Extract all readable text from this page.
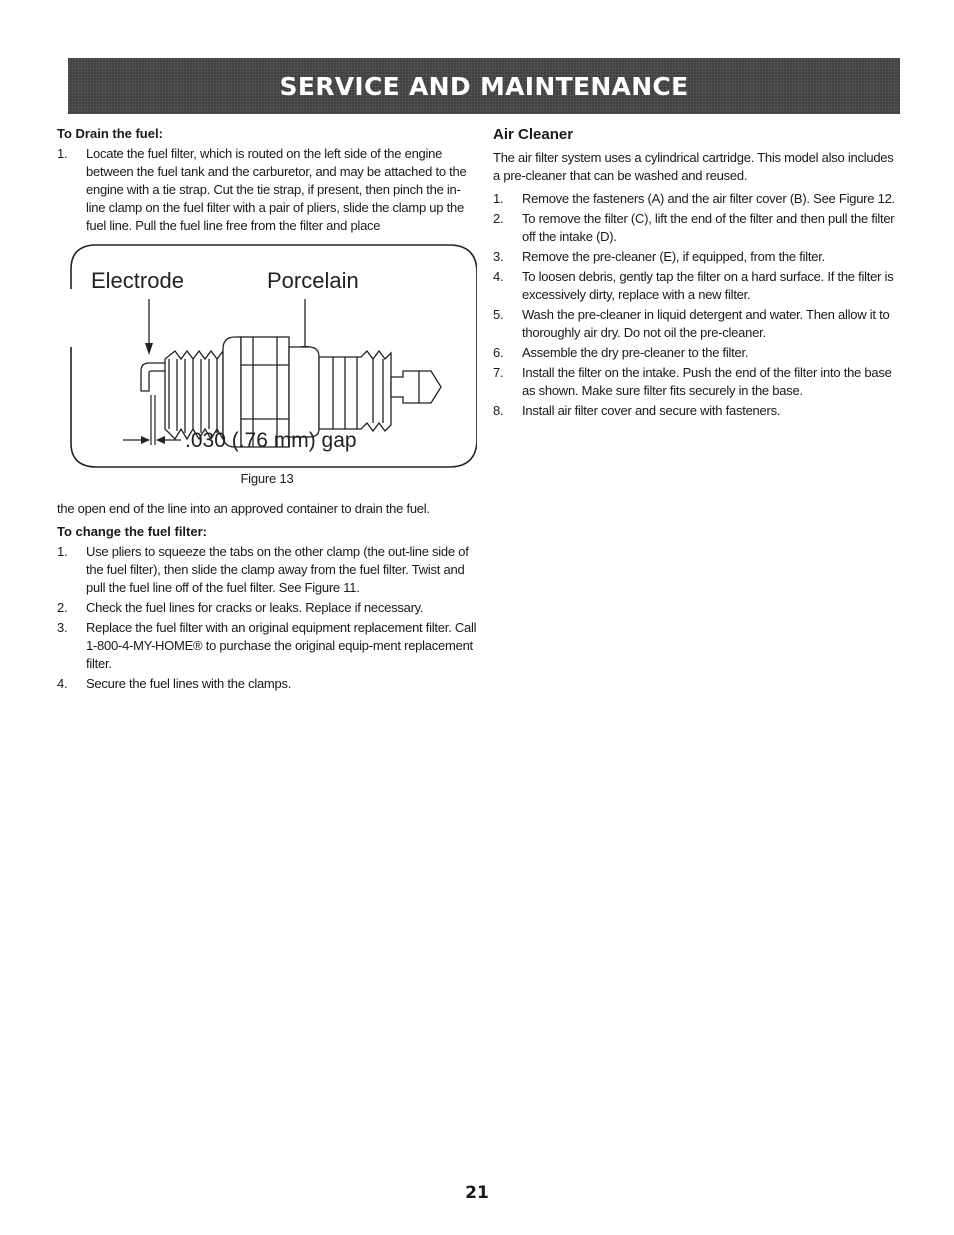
SERVICE AND MAINTENANCE
To Drain the fuel:
1.	Locate the fuel filter, which is routed on the left side of the engine between the fuel tank and the carburetor, and may be attached to the engine with a tie strap. Cut the tie strap, if present, then pinch the in-line clamp on the fuel filter with a pair of pliers, slide the clamp up the fuel line. Pull the fuel line free from the filter and place
Electrode	Porcelain
.030 (.76 mm) gap
Figure 13

the open end of the line into an approved container to drain the fuel.

To change the fuel filter:
1.	Use pliers to squeeze the tabs on the other clamp (the out-line side of the fuel filter), then slide the clamp away from the fuel filter. Twist and pull the fuel line off of the fuel filter. See Figure 11.
2.	Check the fuel lines for cracks or leaks. Replace if necessary.
3.	Replace the fuel filter with an original equipment replacement filter. Call 1-800-4-MY-HOME® to purchase the original equip-ment replacement filter.
4.	Secure the fuel lines with the clamps.
Air Cleaner

The air filter system uses a cylindrical cartridge. This model also includes a pre-cleaner that can be washed and reused.

1.	Remove the fasteners (A) and the air filter cover (B). See Figure 12.
2.	To remove the filter (C), lift the end of the filter and then pull the filter off the intake (D).
3.	Remove the pre-cleaner (E), if equipped, from the filter.
4.	To loosen debris, gently tap the filter on a hard surface. If the filter is excessively dirty, replace with a new filter.
5.	Wash the pre-cleaner in liquid detergent and water. Then allow it to thoroughly air dry. Do not oil the pre-cleaner.
6.	Assemble the dry pre-cleaner to the filter.
7.	Install the filter on the intake. Push the end of the filter into the base as shown. Make sure filter fits securely in the base.
8.	Install air filter cover and secure with fasteners.
21
